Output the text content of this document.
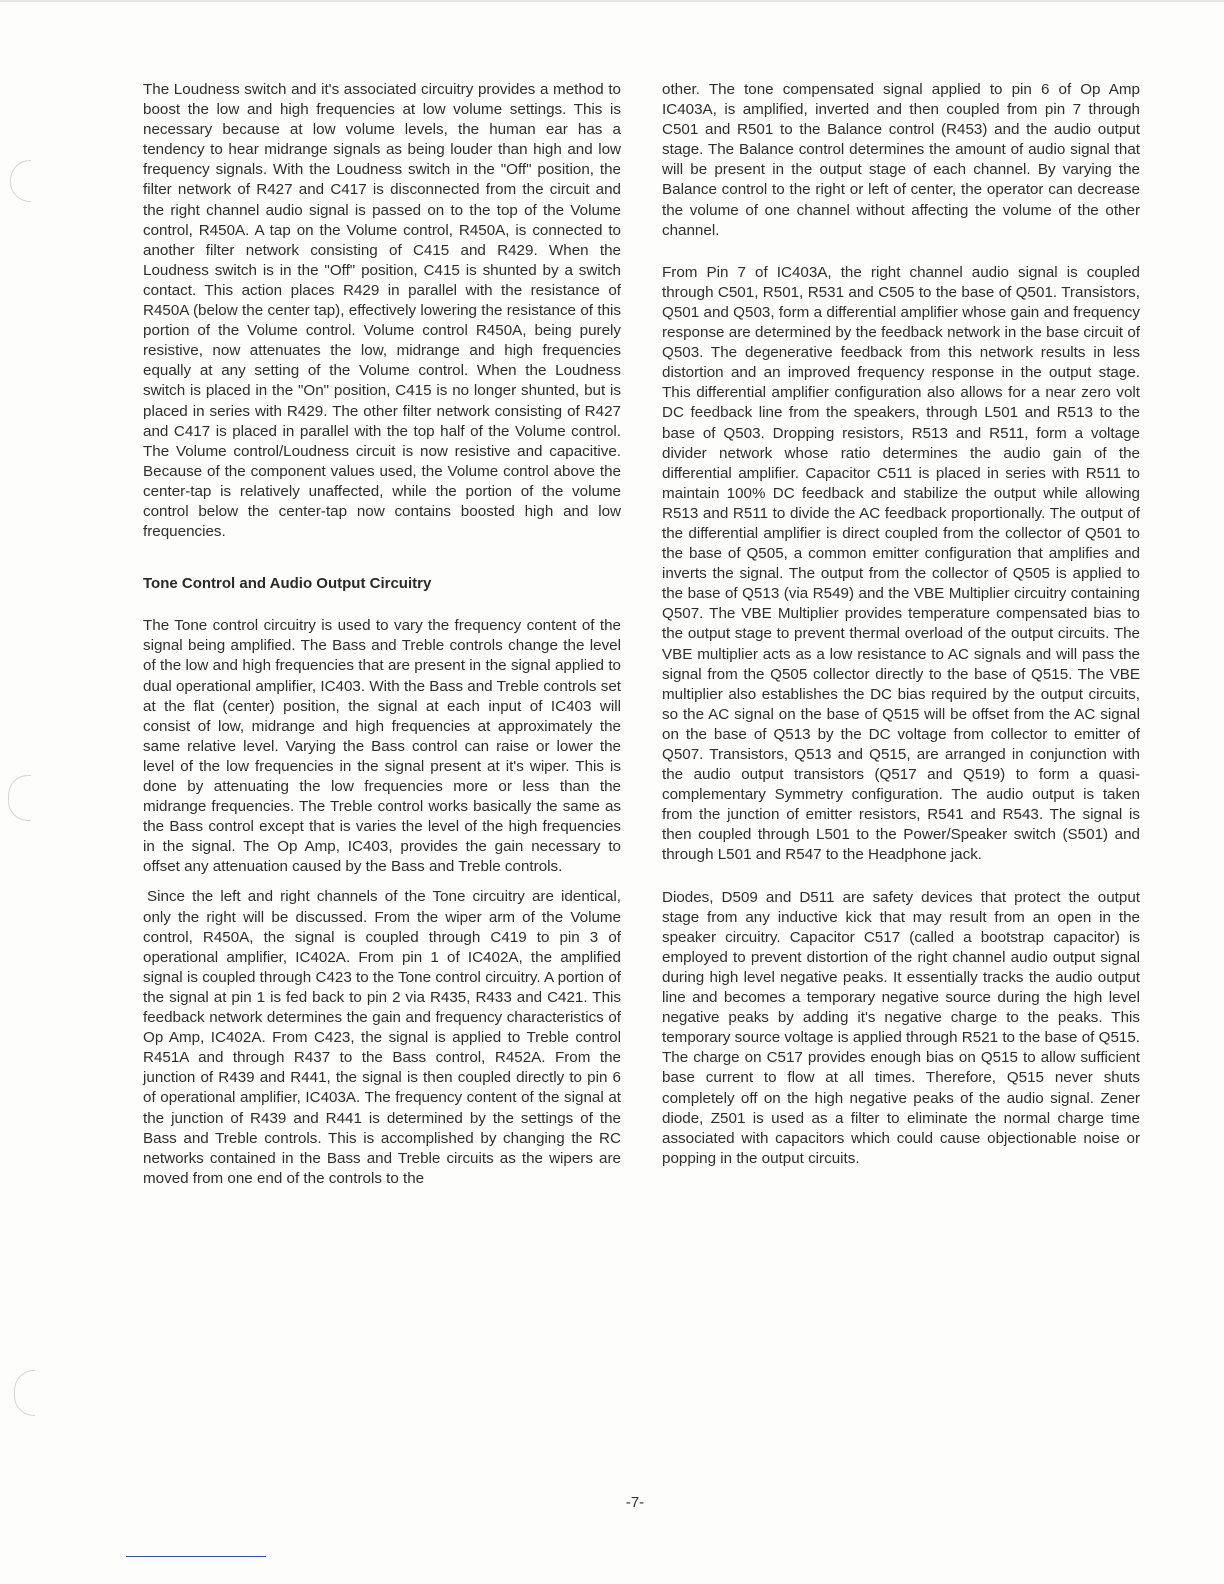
The Loudness switch and it's associated circuitry provides a method to boost the low and high frequencies at low volume settings. This is necessary because at low volume levels, the human ear has a tendency to hear midrange signals as being louder than high and low frequency signals. With the Loudness switch in the "Off" position, the filter network of R427 and C417 is disconnected from the circuit and the right channel audio signal is passed on to the top of the Volume control, R450A. A tap on the Volume control, R450A, is connected to another filter network consisting of C415 and R429. When the Loudness switch is in the "Off" position, C415 is shunted by a switch contact. This action places R429 in parallel with the resistance of R450A (below the center tap), effectively lowering the resistance of this portion of the Volume control. Volume control R450A, being purely resistive, now attenuates the low, midrange and high frequencies equally at any setting of the Volume control. When the Loudness switch is placed in the "On" position, C415 is no longer shunted, but is placed in series with R429. The other filter network consisting of R427 and C417 is placed in parallel with the top half of the Volume control. The Volume control/Loudness circuit is now resistive and capacitive. Because of the component values used, the Volume control above the center-tap is relatively unaffected, while the portion of the volume control below the center-tap now contains boosted high and low frequencies.

Tone Control and Audio Output Circuitry

The Tone control circuitry is used to vary the frequency content of the signal being amplified. The Bass and Treble controls change the level of the low and high frequencies that are present in the signal applied to dual operational amplifier, IC403. With the Bass and Treble controls set at the flat (center) position, the signal at each input of IC403 will consist of low, midrange and high frequencies at approximately the same relative level. Varying the Bass control can raise or lower the level of the low frequencies in the signal present at it's wiper. This is done by attenuating the low frequencies more or less than the midrange frequencies. The Treble control works basically the same as the Bass control except that is varies the level of the high frequencies in the signal. The Op Amp, IC403, provides the gain necessary to offset any attenuation caused by the Bass and Treble controls.

Since the left and right channels of the Tone circuitry are identical, only the right will be discussed. From the wiper arm of the Volume control, R450A, the signal is coupled through C419 to pin 3 of operational amplifier, IC402A. From pin 1 of IC402A, the amplified signal is coupled through C423 to the Tone control circuitry. A portion of the signal at pin 1 is fed back to pin 2 via R435, R433 and C421. This feedback network determines the gain and frequency characteristics of Op Amp, IC402A. From C423, the signal is applied to Treble control R451A and through R437 to the Bass control, R452A. From the junction of R439 and R441, the signal is then coupled directly to pin 6 of operational amplifier, IC403A. The frequency content of the signal at the junction of R439 and R441 is determined by the settings of the Bass and Treble controls. This is accomplished by changing the RC networks contained in the Bass and Treble circuits as the wipers are moved from one end of the controls to the

other. The tone compensated signal applied to pin 6 of Op Amp IC403A, is amplified, inverted and then coupled from pin 7 through C501 and R501 to the Balance control (R453) and the audio output stage. The Balance control determines the amount of audio signal that will be present in the output stage of each channel. By varying the Balance control to the right or left of center, the operator can decrease the volume of one channel without affecting the volume of the other channel.

From Pin 7 of IC403A, the right channel audio signal is coupled through C501, R501, R531 and C505 to the base of Q501. Transistors, Q501 and Q503, form a differential amplifier whose gain and frequency response are determined by the feedback network in the base circuit of Q503. The degenerative feedback from this network results in less distortion and an improved frequency response in the output stage. This differential amplifier configuration also allows for a near zero volt DC feedback line from the speakers, through L501 and R513 to the base of Q503. Dropping resistors, R513 and R511, form a voltage divider network whose ratio determines the audio gain of the differential amplifier. Capacitor C511 is placed in series with R511 to maintain 100% DC feedback and stabilize the output while allowing R513 and R511 to divide the AC feedback proportionally. The output of the differential amplifier is direct coupled from the collector of Q501 to the base of Q505, a common emitter configuration that amplifies and inverts the signal. The output from the collector of Q505 is applied to the base of Q513 (via R549) and the VBE Multiplier circuitry containing Q507. The VBE Multiplier provides temperature compensated bias to the output stage to prevent thermal overload of the output circuits. The VBE multiplier acts as a low resistance to AC signals and will pass the signal from the Q505 collector directly to the base of Q515. The VBE multiplier also establishes the DC bias required by the output circuits, so the AC signal on the base of Q515 will be offset from the AC signal on the base of Q513 by the DC voltage from collector to emitter of Q507. Transistors, Q513 and Q515, are arranged in conjunction with the audio output transistors (Q517 and Q519) to form a quasi-complementary Symmetry configuration. The audio output is taken from the junction of emitter resistors, R541 and R543. The signal is then coupled through L501 to the Power/Speaker switch (S501) and through L501 and R547 to the Headphone jack.

Diodes, D509 and D511 are safety devices that protect the output stage from any inductive kick that may result from an open in the speaker circuitry. Capacitor C517 (called a bootstrap capacitor) is employed to prevent distortion of the right channel audio output signal during high level negative peaks. It essentially tracks the audio output line and becomes a temporary negative source during the high level negative peaks by adding it's negative charge to the peaks. This temporary source voltage is applied through R521 to the base of Q515. The charge on C517 provides enough bias on Q515 to allow sufficient base current to flow at all times. Therefore, Q515 never shuts completely off on the high negative peaks of the audio signal. Zener diode, Z501 is used as a filter to eliminate the normal charge time associated with capacitors which could cause objectionable noise or popping in the output circuits.

-7-
